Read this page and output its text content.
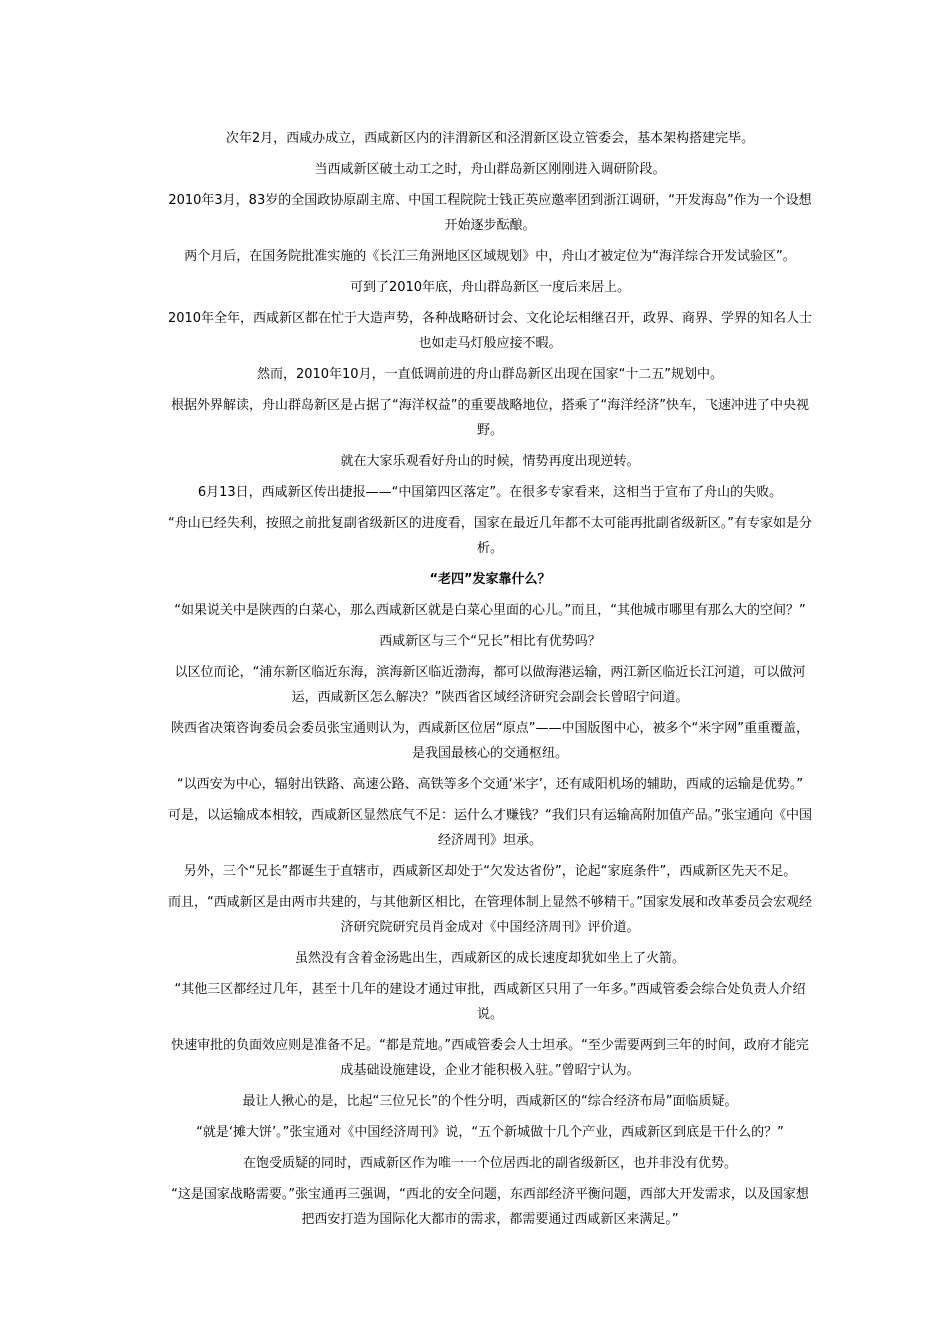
次年2月，西咸办成立，西咸新区内的沣渭新区和泾渭新区设立管委会，基本架构搭建完毕。

当西咸新区破土动工之时，舟山群岛新区刚刚进入调研阶段。

2010年3月，83岁的全国政协原副主席、中国工程院院士钱正英应邀率团到浙江调研，“开发海岛”作为一个设想开始逐步酝酿。

两个月后，在国务院批准实施的《长江三角洲地区区域规划》中，舟山才被定位为“海洋综合开发试验区”。

可到了2010年底，舟山群岛新区一度后来居上。

2010年全年，西咸新区都在忙于大造声势，各种战略研讨会、文化论坛相继召开，政界、商界、学界的知名人士也如走马灯般应接不暇。

然而，2010年10月，一直低调前进的舟山群岛新区出现在国家“十二五”规划中。

根据外界解读，舟山群岛新区是占据了“海洋权益”的重要战略地位，搭乘了“海洋经济”快车，飞速冲进了中央视野。

就在大家乐观看好舟山的时候，情势再度出现逆转。

6月13日，西咸新区传出捷报——“中国第四区落定”。在很多专家看来，这相当于宣布了舟山的失败。

“舟山已经失利，按照之前批复副省级新区的进度看，国家在最近几年都不太可能再批副省级新区。”有专家如是分析。

“老四”发家靠什么？

“如果说关中是陕西的白菜心，那么西咸新区就是白菜心里面的心儿。”而且，“其他城市哪里有那么大的空间？”

西咸新区与三个“兄长”相比有优势吗？

以区位而论，“浦东新区临近东海，滨海新区临近渤海，都可以做海港运输，两江新区临近长江河道，可以做河运，西咸新区怎么解决？”陕西省区域经济研究会副会长曾昭宁问道。

陕西省决策咨询委员会委员张宝通则认为，西咸新区位居“原点”——中国版图中心，被多个“米字网”重重覆盖，是我国最核心的交通枢纽。

“以西安为中心，辐射出铁路、高速公路、高铁等多个交通‘米字’，还有咸阳机场的辅助，西咸的运输是优势。”

可是，以运输成本相较，西咸新区显然底气不足：运什么才赚钱？“我们只有运输高附加值产品。”张宝通向《中国经济周刊》坦承。

另外，三个“兄长”都诞生于直辖市，西咸新区却处于“欠发达省份”，论起“家庭条件”，西咸新区先天不足。

而且，“西咸新区是由两市共建的，与其他新区相比，在管理体制上显然不够精干。”国家发展和改革委员会宏观经济研究院研究员肖金成对《中国经济周刊》评价道。

虽然没有含着金汤匙出生，西咸新区的成长速度却犹如坐上了火箭。

“其他三区都经过几年，甚至十几年的建设才通过审批，西咸新区只用了一年多。”西咸管委会综合处负责人介绍说。

快速审批的负面效应则是准备不足。“都是荒地。”西咸管委会人士坦承。“至少需要两到三年的时间，政府才能完成基础设施建设，企业才能积极入驻。”曾昭宁认为。

最让人揪心的是，比起“三位兄长”的个性分明，西咸新区的“综合经济布局”面临质疑。

“就是‘摊大饼’。”张宝通对《中国经济周刊》说，“五个新城做十几个产业，西咸新区到底是干什么的？”

在饱受质疑的同时，西咸新区作为唯一一个位居西北的副省级新区，也并非没有优势。

“这是国家战略需要。”张宝通再三强调，“西北的安全问题，东西部经济平衡问题，西部大开发需求，以及国家想把西安打造为国际化大都市的需求，都需要通过西咸新区来满足。”
